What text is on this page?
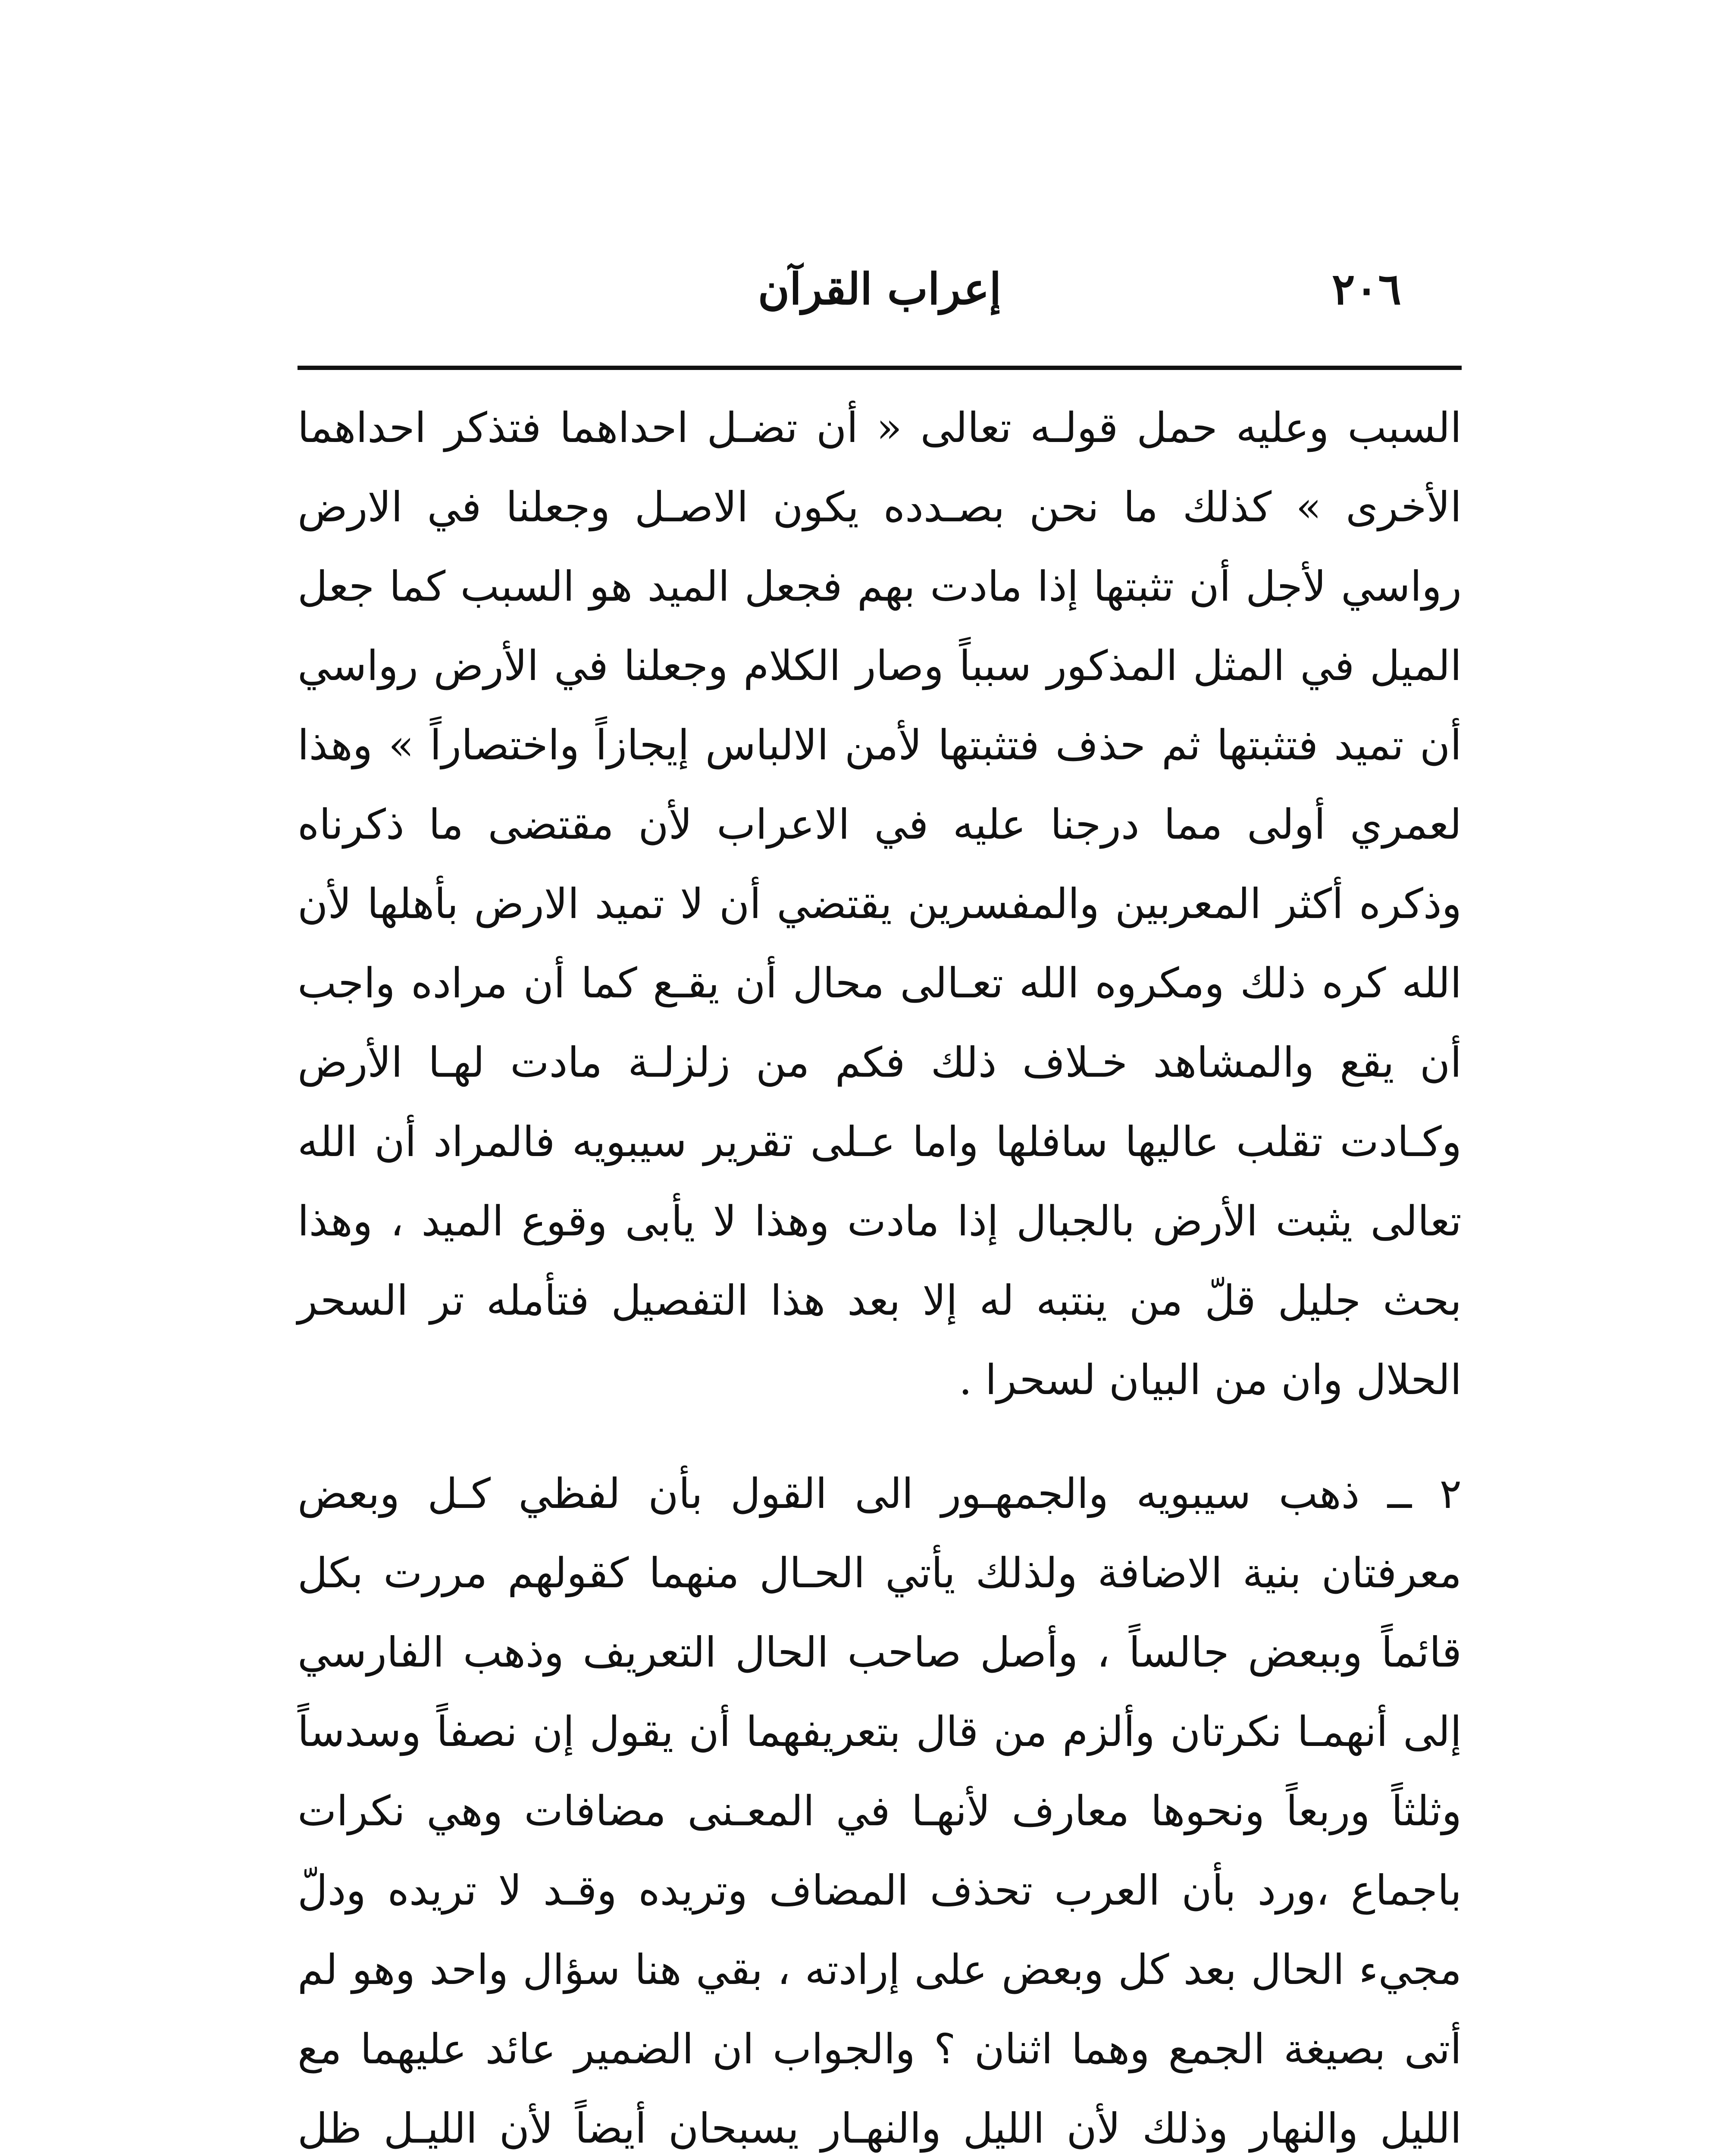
٢٠٦
إعراب القرآن

السبب وعليه حمل قولـه تعالى « أن تضـل احداهما فتذكر احداهما الأخرى » كذلك ما نحن بصـدده يكون الاصـل وجعلنا في الارض رواسي لأجل أن تثبتها إذا مادت بهم فجعل الميد هو السبب كما جعل الميل في المثل المذكور سبباً وصار الكلام وجعلنا في الأرض رواسي أن تميد فتثبتها ثم حذف فتثبتها لأمن الالباس إيجازاً واختصاراً » وهذا لعمري أولى مما درجنا عليه في الاعراب لأن مقتضى ما ذكرناه وذكره أكثر المعربين والمفسرين يقتضي أن لا تميد الارض بأهلها لأن الله كره ذلك ومكروه الله تعـالى محال أن يقـع كما أن مراده واجب أن يقع والمشاهد خـلاف ذلك فكم من زلزلـة مادت لهـا الأرض وكـادت تقلب عاليها سافلها واما عـلى تقرير سيبويه فالمراد أن الله تعالى يثبت الأرض بالجبال إذا مادت وهذا لا يأبى وقوع الميد ، وهذا بحث جليل قلّ من ينتبه له إلا بعد هذا التفصيل فتأمله تر السحر الحلال وان من البيان لسحرا .

٢ ــ ذهب سيبويه والجمهـور الى القول بأن لفظي كـل وبعض معرفتان بنية الاضافة ولذلك يأتي الحـال منهما كقولهم مررت بكل قائماً وببعض جالساً ، وأصل صاحب الحال التعريف وذهب الفارسي إلى أنهمـا نكرتان وألزم من قال بتعريفهما أن يقول إن نصفاً وسدساً وثلثاً وربعاً ونحوها معارف لأنهـا في المعـنى مضافات وهي نكرات باجماع ،ورد بأن العرب تحذف المضاف وتريده وقـد لا تريده ودلّ مجيء الحال بعد كل وبعض على إرادته ، بقي هنا سؤال واحد وهو لم أتى بصيغة الجمع وهما اثنان ؟ والجواب ان الضمير عائد عليهما مع الليل والنهار وذلك لأن الليل والنهـار يسبحان أيضاً لأن الليـل ظل
